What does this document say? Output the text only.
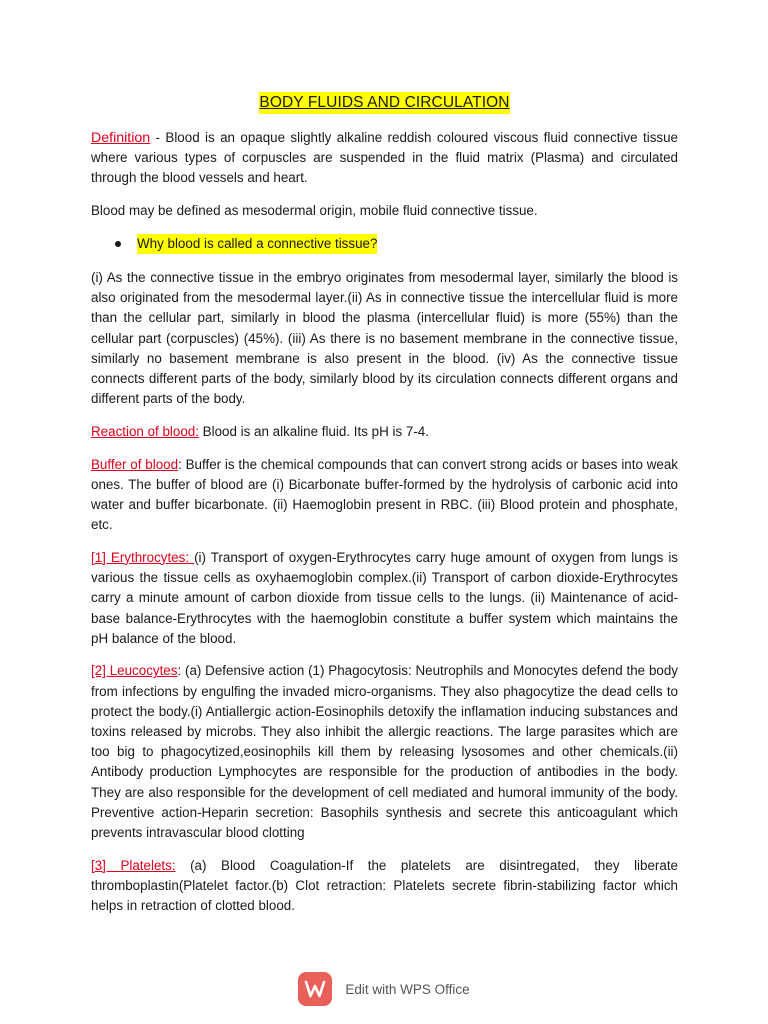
BODY FLUIDS AND CIRCULATION

Definition - Blood is an opaque slightly alkaline reddish coloured viscous fluid connective tissue where various types of corpuscles are suspended in the fluid matrix (Plasma) and circulated through the blood vessels and heart.

Blood may be defined as mesodermal origin, mobile fluid connective tissue.

Why blood is called a connective tissue?

(i) As the connective tissue in the embryo originates from mesodermal layer, similarly the blood is also originated from the mesodermal layer.(ii) As in connective tissue the intercellular fluid is more than the cellular part, similarly in blood the plasma (intercellular fluid) is more (55%) than the cellular part (corpuscles) (45%). (iii) As there is no basement membrane in the connective tissue, similarly no basement membrane is also present in the blood. (iv) As the connective tissue connects different parts of the body, similarly blood by its circulation connects different organs and different parts of the body.

Reaction of blood: Blood is an alkaline fluid. Its pH is 7-4.

Buffer of blood: Buffer is the chemical compounds that can convert strong acids or bases into weak ones. The buffer of blood are (i) Bicarbonate buffer-formed by the hydrolysis of carbonic acid into water and buffer bicarbonate. (ii) Haemoglobin present in RBC. (iii) Blood protein and phosphate, etc.

[1] Erythrocytes: (i) Transport of oxygen-Erythrocytes carry huge amount of oxygen from lungs is various the tissue cells as oxyhaemoglobin complex.(ii) Transport of carbon dioxide-Erythrocytes carry a minute amount of carbon dioxide from tissue cells to the lungs. (ii) Maintenance of acid-base balance-Erythrocytes with the haemoglobin constitute a buffer system which maintains the pH balance of the blood.

[2] Leucocytes: (a) Defensive action (1) Phagocytosis: Neutrophils and Monocytes defend the body from infections by engulfing the invaded micro-organisms. They also phagocytize the dead cells to protect the body.(i) Antiallergic action-Eosinophils detoxify the inflamation inducing substances and toxins released by microbs. They also inhibit the allergic reactions. The large parasites which are too big to phagocytized,eosinophils kill them by releasing lysosomes and other chemicals.(ii) Antibody production Lymphocytes are responsible for the production of antibodies in the body. They are also responsible for the development of cell mediated and humoral immunity of the body. Preventive action-Heparin secretion: Basophils synthesis and secrete this anticoagulant which prevents intravascular blood clotting

[3] Platelets: (a) Blood Coagulation-If the platelets are disintregated, they liberate thromboplastin(Platelet factor.(b) Clot retraction: Platelets secrete fibrin-stabilizing factor which helps in retraction of clotted blood.

Edit with WPS Office
